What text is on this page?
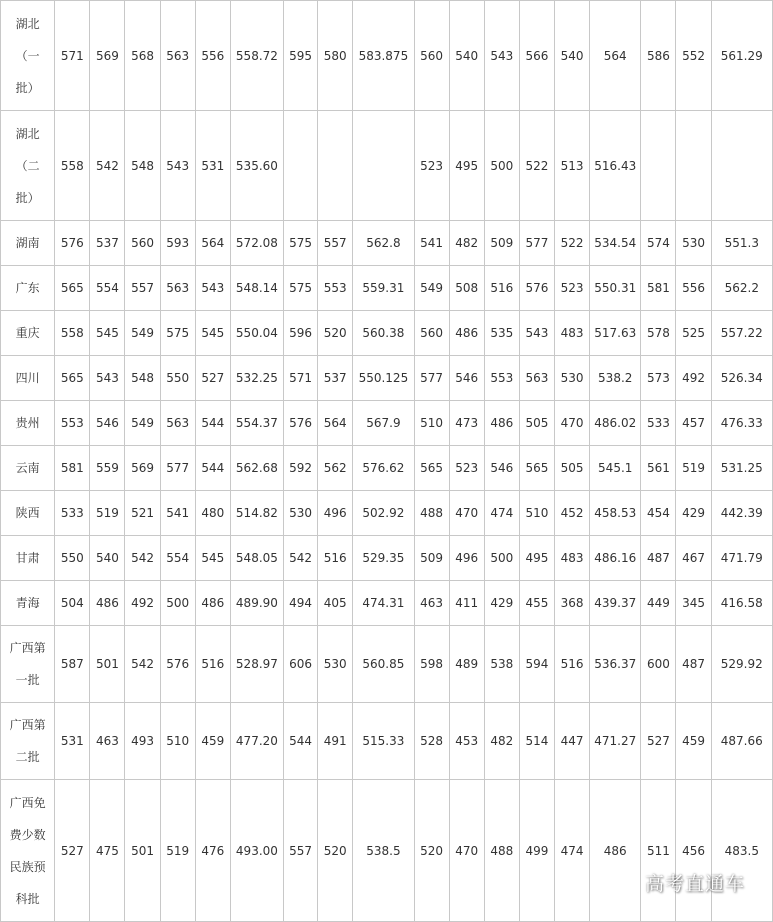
湖北
（一
批）	571	569	568	563	556	558.72	595	580	583.875	560	540	543	566	540	564	586	552	561.29

湖北
（二
批）	558	542	548	543	531	535.60				523	495	500	522	513	516.43			

湖南	576	537	560	593	564	572.08	575	557	562.8	541	482	509	577	522	534.54	574	530	551.3

广东	565	554	557	563	543	548.14	575	553	559.31	549	508	516	576	523	550.31	581	556	562.2

重庆	558	545	549	575	545	550.04	596	520	560.38	560	486	535	543	483	517.63	578	525	557.22

四川	565	543	548	550	527	532.25	571	537	550.125	577	546	553	563	530	538.2	573	492	526.34

贵州	553	546	549	563	544	554.37	576	564	567.9	510	473	486	505	470	486.02	533	457	476.33

云南	581	559	569	577	544	562.68	592	562	576.62	565	523	546	565	505	545.1	561	519	531.25

陕西	533	519	521	541	480	514.82	530	496	502.92	488	470	474	510	452	458.53	454	429	442.39

甘肃	550	540	542	554	545	548.05	542	516	529.35	509	496	500	495	483	486.16	487	467	471.79

青海	504	486	492	500	486	489.90	494	405	474.31	463	411	429	455	368	439.37	449	345	416.58

广西第
一批	587	501	542	576	516	528.97	606	530	560.85	598	489	538	594	516	536.37	600	487	529.92

广西第
二批	531	463	493	510	459	477.20	544	491	515.33	528	453	482	514	447	471.27	527	459	487.66

广西免
费少数
民族预
科批	527	475	501	519	476	493.00	557	520	538.5	520	470	488	499	474	486	511	456	483.5
高考直通车
